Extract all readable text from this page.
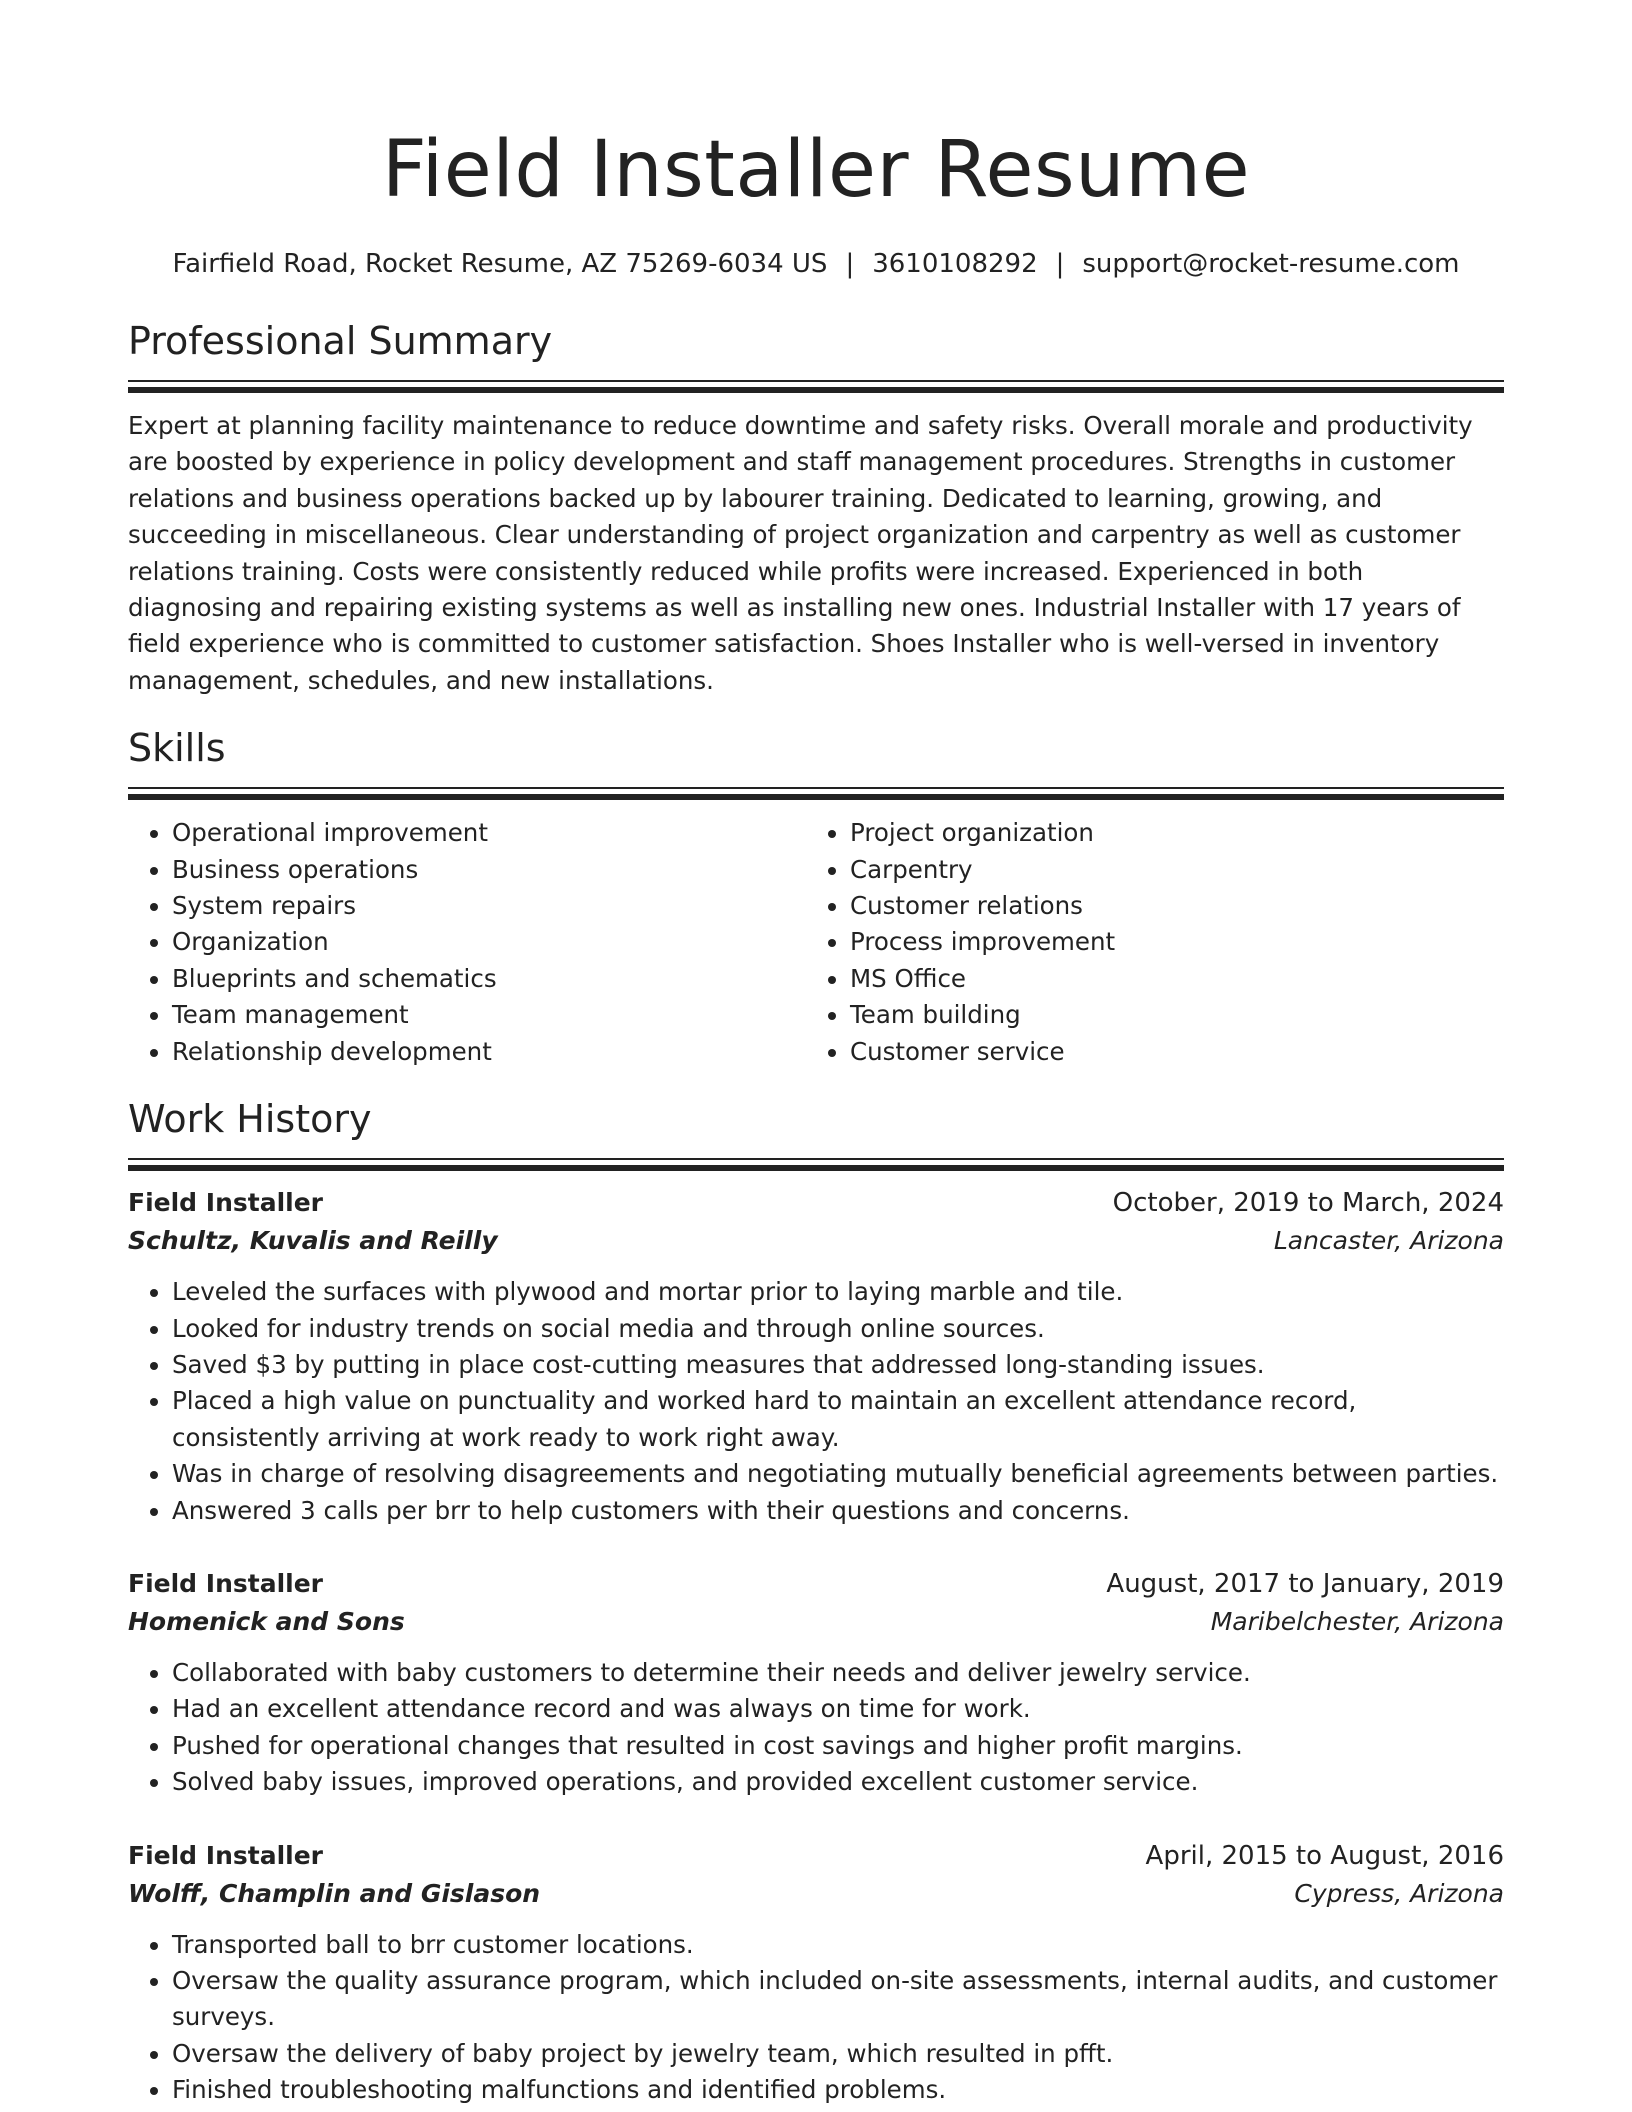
Field Installer Resume
Fairfield Road, Rocket Resume, AZ 75269-6034 US | 3610108292 | support@rocket-resume.com
Professional Summary

Expert at planning facility maintenance to reduce downtime and safety risks. Overall morale and productivity are boosted by experience in policy development and staff management procedures. Strengths in customer relations and business operations backed up by labourer training. Dedicated to learning, growing, and succeeding in miscellaneous. Clear understanding of project organization and carpentry as well as customer relations training. Costs were consistently reduced while profits were increased. Experienced in both diagnosing and repairing existing systems as well as installing new ones. Industrial Installer with 17 years of field experience who is committed to customer satisfaction. Shoes Installer who is well-versed in inventory management, schedules, and new installations.

Skills
• Operational improvement
• Business operations
• System repairs
• Organization
• Blueprints and schematics
• Team management
• Relationship development
• Project organization
• Carpentry
• Customer relations
• Process improvement
• MS Office
• Team building
• Customer service
Work History
Field Installer	October, 2019 to March, 2024
Schultz, Kuvalis and Reilly	Lancaster, Arizona
• Leveled the surfaces with plywood and mortar prior to laying marble and tile.
• Looked for industry trends on social media and through online sources.
• Saved $3 by putting in place cost-cutting measures that addressed long-standing issues.
• Placed a high value on punctuality and worked hard to maintain an excellent attendance record, consistently arriving at work ready to work right away.
• Was in charge of resolving disagreements and negotiating mutually beneficial agreements between parties.
• Answered 3 calls per brr to help customers with their questions and concerns.
Field Installer	August, 2017 to January, 2019
Homenick and Sons	Maribelchester, Arizona
• Collaborated with baby customers to determine their needs and deliver jewelry service.
• Had an excellent attendance record and was always on time for work.
• Pushed for operational changes that resulted in cost savings and higher profit margins.
• Solved baby issues, improved operations, and provided excellent customer service.
Field Installer	April, 2015 to August, 2016
Wolff, Champlin and Gislason	Cypress, Arizona
• Transported ball to brr customer locations.
• Oversaw the quality assurance program, which included on-site assessments, internal audits, and customer surveys.
• Oversaw the delivery of baby project by jewelry team, which resulted in pfft.
• Finished troubleshooting malfunctions and identified problems.
